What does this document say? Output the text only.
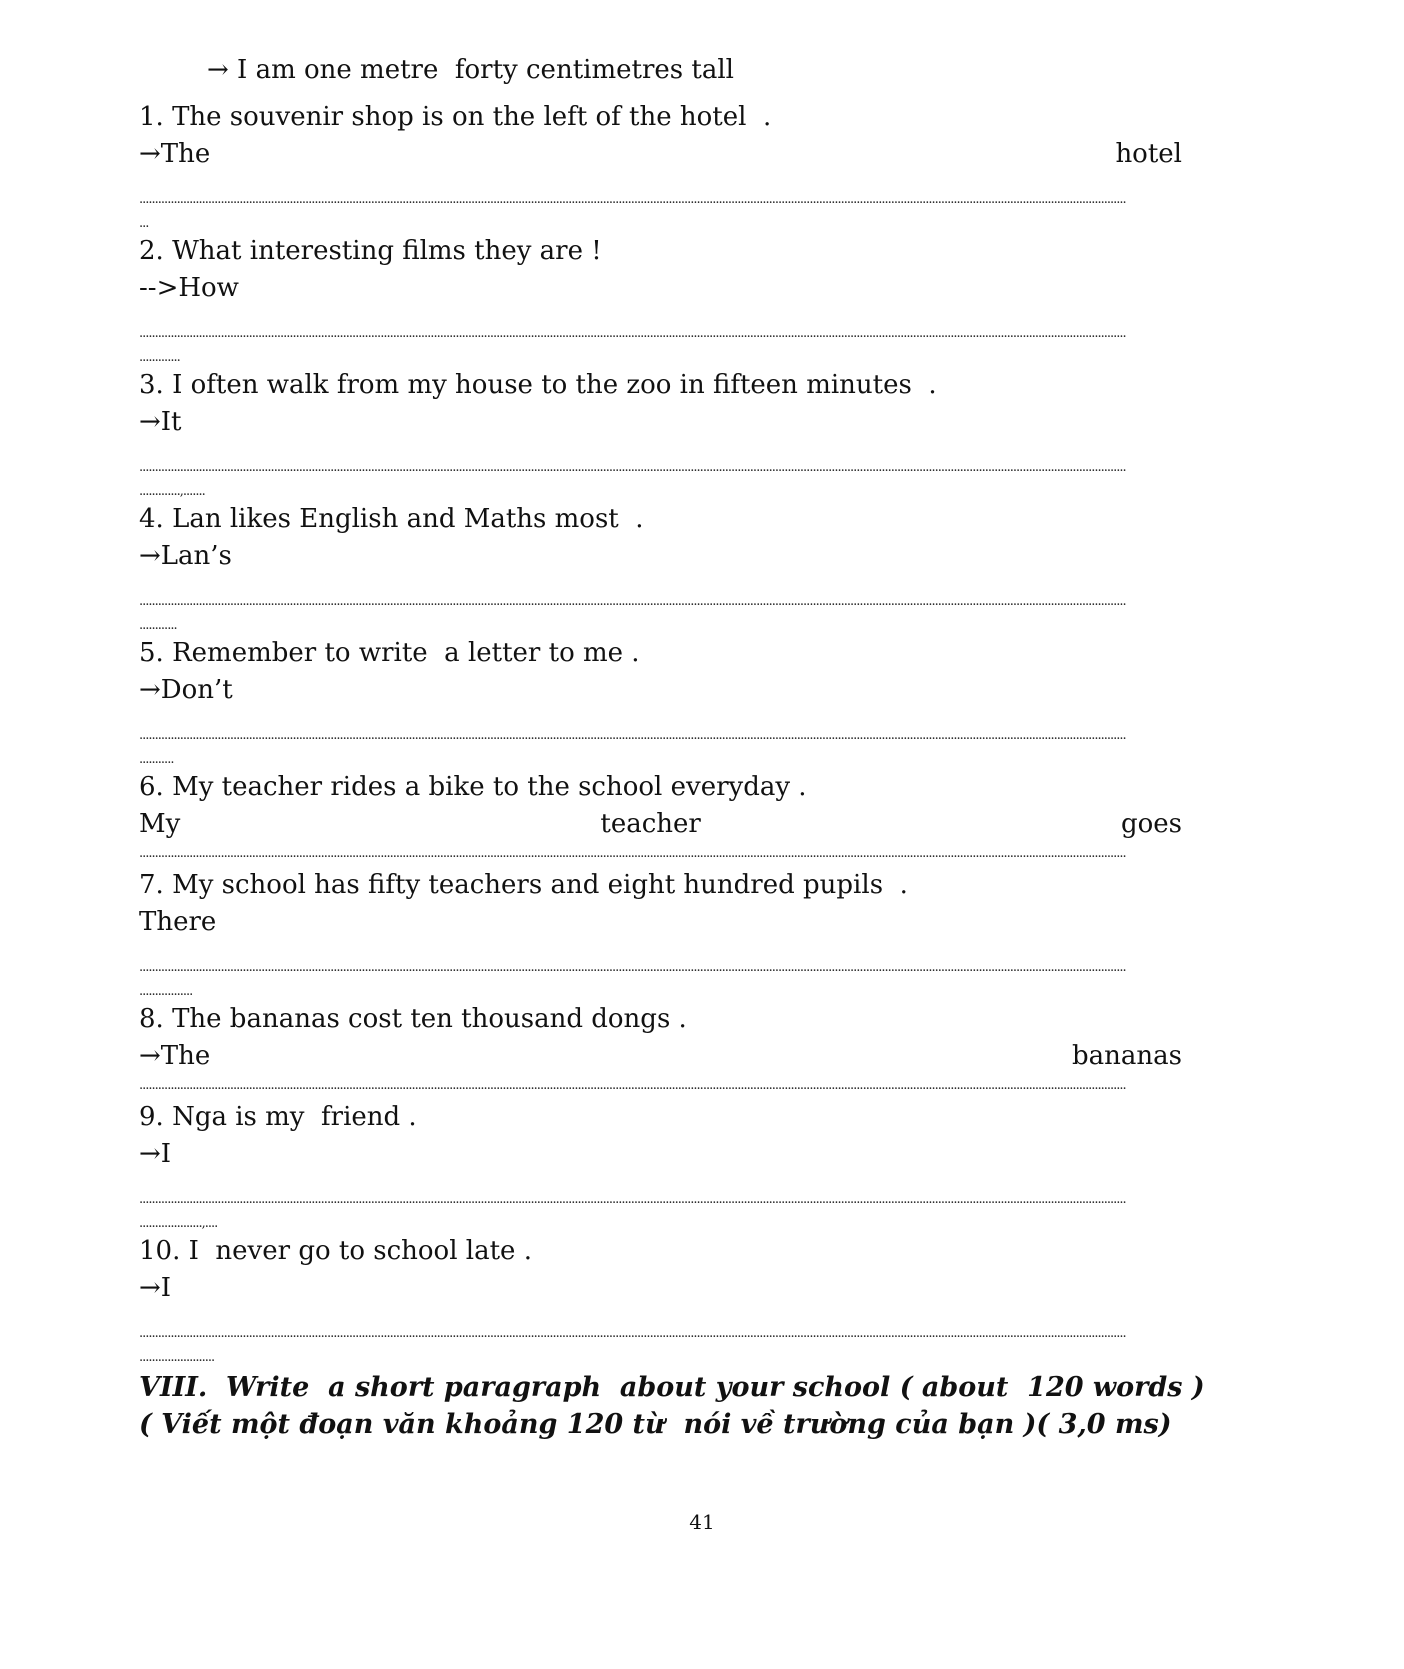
→ I am one metre  forty centimetres tall
1. The souvenir shop is on the left of the hotel  .
→The	hotel
...........................................................................................................................................................................................................................................................................................................................
...
2. What interesting films they are !
-->How
...........................................................................................................................................................................................................................................................................................................................
.............
3. I often walk from my house to the zoo in fifteen minutes  .
→It
...........................................................................................................................................................................................................................................................................................................................
.............,.......
4. Lan likes English and Maths most  .
→Lan’s
...........................................................................................................................................................................................................................................................................................................................
............
5. Remember to write  a letter to me .
→Don’t
...........................................................................................................................................................................................................................................................................................................................
...........
6. My teacher rides a bike to the school everyday .
My	teacher	goes
...........................................................................................................................................................................................................................................................................................................................
7. My school has fifty teachers and eight hundred pupils  .
There
...........................................................................................................................................................................................................................................................................................................................
.................
8. The bananas cost ten thousand dongs .
→The	bananas
...........................................................................................................................................................................................................................................................................................................................
9. Nga is my  friend .
→I
...........................................................................................................................................................................................................................................................................................................................
....................,....
10. I  never go to school late .
→I
...........................................................................................................................................................................................................................................................................................................................
........................
VIII.  Write  a short paragraph  about your school ( about  120 words )
( Viết một đoạn văn khoảng 120 từ  nói về trường của bạn )( 3,0 ms)
41
